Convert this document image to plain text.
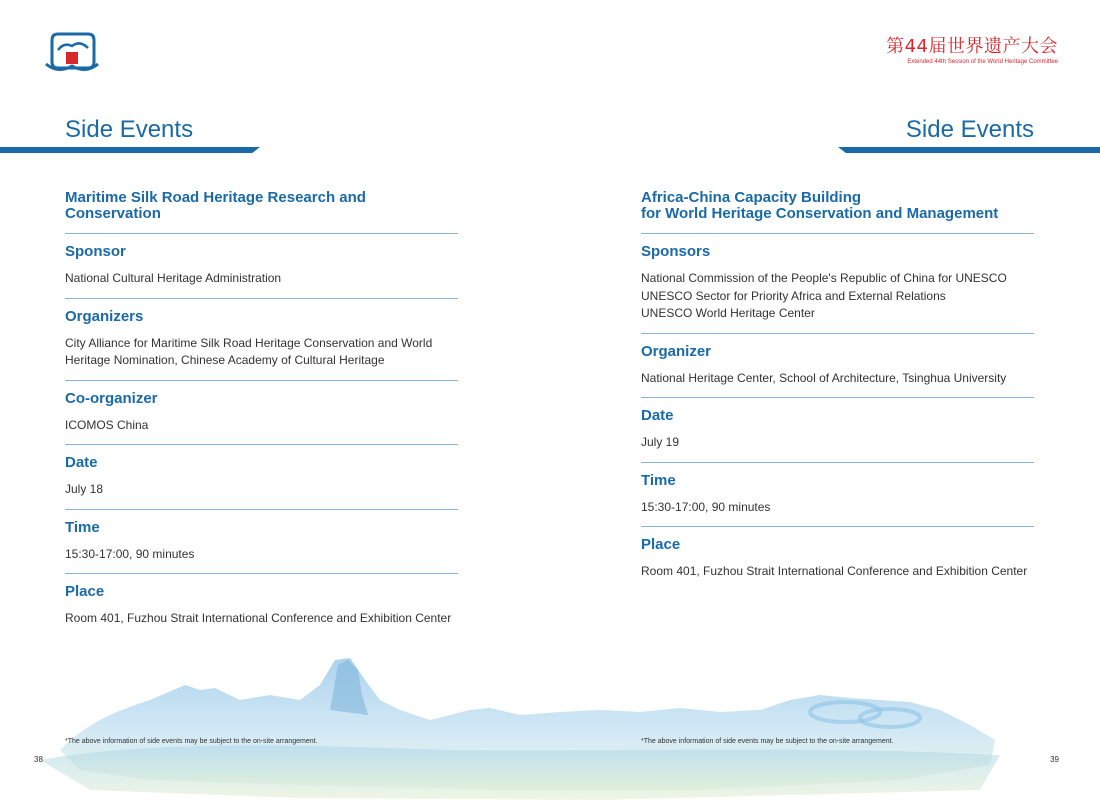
Side Events
Maritime Silk Road Heritage Research and Conservation
Sponsor
National Cultural Heritage Administration
Organizers
City Alliance for Maritime Silk Road Heritage Conservation and World
Heritage Nomination, Chinese Academy of Cultural Heritage
Co-organizer
ICOMOS China
Date
July 18
Time
15:30-17:00, 90 minutes
Place
Room 401, Fuzhou Strait International Conference and Exhibition Center
*The above information of side events may be subject to the on-site arrangement.
38
第44届世界遗产大会
Extended 44th Session of the World Heritage Committee
Side Events
Africa-China Capacity Building
for World Heritage Conservation and Management
Sponsors
National Commission of the People's Republic of China for UNESCO
UNESCO Sector for Priority Africa and External Relations
UNESCO World Heritage Center
Organizer
National Heritage Center, School of Architecture, Tsinghua University
Date
July 19
Time
15:30-17:00, 90 minutes
Place
Room 401, Fuzhou Strait International Conference and Exhibition Center
*The above information of side events may be subject to the on-site arrangement.
39
